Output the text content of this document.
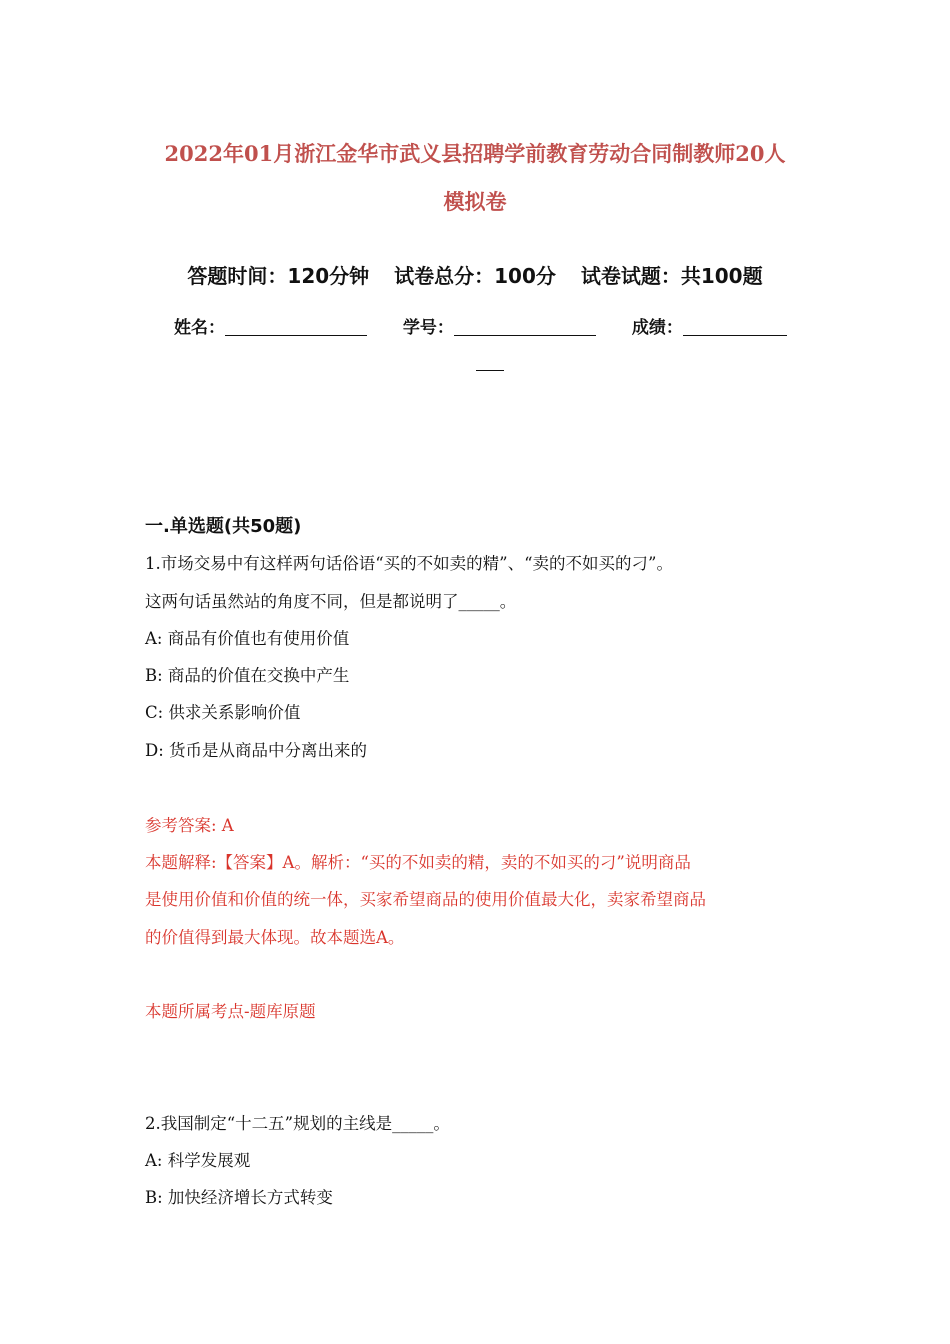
2022年01月浙江金华市武义县招聘学前教育劳动合同制教师20人
模拟卷
答题时间：120分钟 试卷总分：100分 试卷试题：共100题
姓名：	学号：	成绩：
一.单选题(共50题)
1.市场交易中有这样两句话俗语“买的不如卖的精”、“卖的不如买的刁”。
这两句话虽然站的角度不同，但是都说明了_____。
A: 商品有价值也有使用价值
B: 商品的价值在交换中产生
C: 供求关系影响价值
D: 货币是从商品中分离出来的
参考答案: A
本题解释:【答案】A。解析：“买的不如卖的精，卖的不如买的刁”说明商品
是使用价值和价值的统一体，买家希望商品的使用价值最大化，卖家希望商品
的价值得到最大体现。故本题选A。
本题所属考点-题库原题
2.我国制定“十二五”规划的主线是_____。
A: 科学发展观
B: 加快经济增长方式转变
